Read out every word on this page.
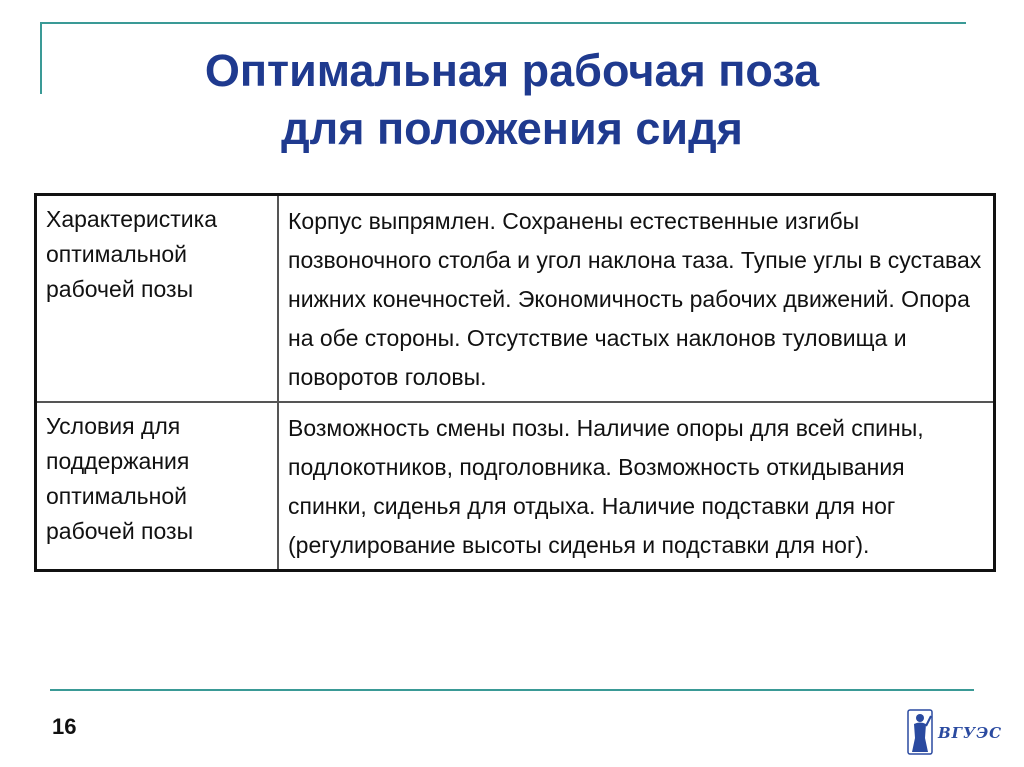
Оптимальная рабочая поза
для положения сидя
Характеристика оптимальной рабочей позы	Корпус выпрямлен. Сохранены естественные изгибы позвоночного столба и угол наклона таза. Тупые углы в суставах нижних конечностей. Экономичность рабочих движений. Опора на обе стороны. Отсутствие частых наклонов туловища и поворотов головы.
Условия для поддержания оптимальной рабочей позы	Возможность смены позы. Наличие опоры для всей спины, подлокотников, подголовника. Возможность откидывания спинки, сиденья для отдыха. Наличие подставки для ног (регулирование высоты сиденья и подставки для ног).
16	ВГУЭС
